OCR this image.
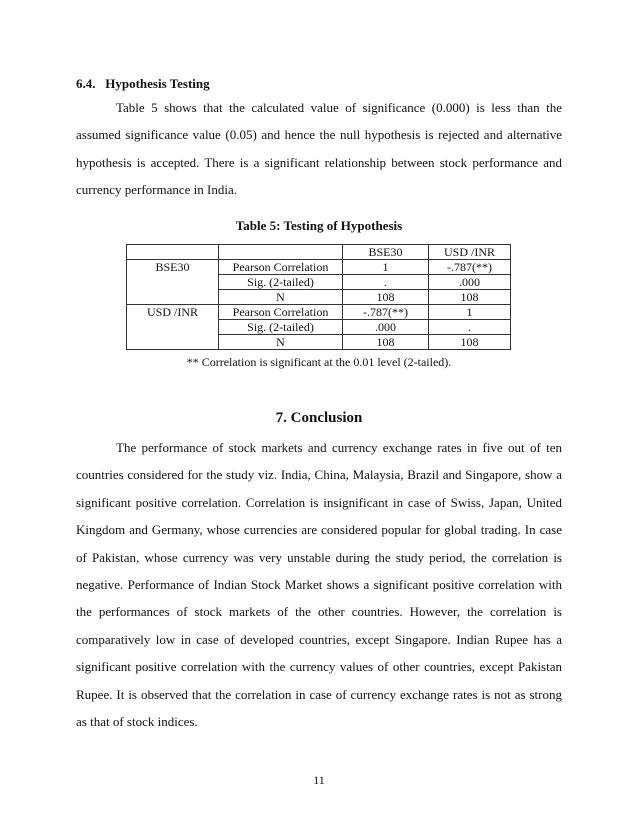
6.4.   Hypothesis Testing

Table 5 shows that the calculated value of significance (0.000) is less than the assumed significance value (0.05) and hence the null hypothesis is rejected and alternative hypothesis is accepted. There is a significant relationship between stock performance and currency performance in India.

Table 5: Testing of Hypothesis
		BSE30	USD /INR
BSE30	Pearson Correlation	1	-.787(**)
	Sig. (2-tailed)	.	.000
	N	108	108
USD /INR	Pearson Correlation	-.787(**)	1
	Sig. (2-tailed)	.000	.
	N	108	108
** Correlation is significant at the 0.01 level (2-tailed).
7. Conclusion

The performance of stock markets and currency exchange rates in five out of ten countries considered for the study viz. India, China, Malaysia, Brazil and Singapore, show a significant positive correlation. Correlation is insignificant in case of Swiss, Japan, United Kingdom and Germany, whose currencies are considered popular for global trading. In case of Pakistan, whose currency was very unstable during the study period, the correlation is negative. Performance of Indian Stock Market shows a significant positive correlation with the performances of stock markets of the other countries. However, the correlation is comparatively low in case of developed countries, except Singapore. Indian Rupee has a significant positive correlation with the currency values of other countries, except Pakistan Rupee. It is observed that the correlation in case of currency exchange rates is not as strong as that of stock indices.

11
